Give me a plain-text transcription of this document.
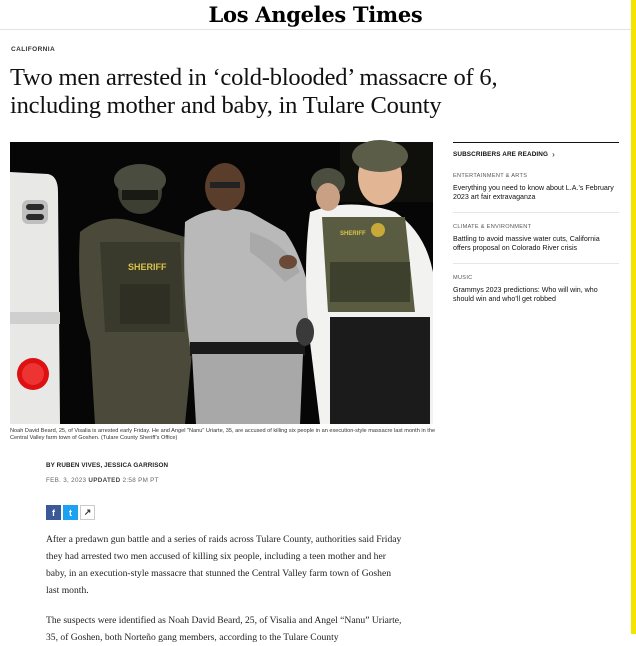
Los Angeles Times
CALIFORNIA
Two men arrested in ‘cold-blooded’ massacre of 6, including mother and baby, in Tulare County
SHERIFF
SHERIFF

Noah David Beard, 25, of Visalia is arrested early Friday. He and Angel "Nanu" Uriarte, 35, are accused of killing six people in an execution-style massacre last month in the Central Valley farm town of Goshen. (Tulare County Sheriff’s Office)

BY RUBEN VIVES, JESSICA GARRISON

FEB. 3, 2023 UPDATED 2:58 PM PT

f	t	↗

After a predawn gun battle and a series of raids across Tulare County, authorities said Friday they had arrested two men accused of killing six people, including a teen mother and her baby, in an execution-style massacre that stunned the Central Valley farm town of Goshen last month.

The suspects were identified as Noah David Beard, 25, of Visalia and Angel “Nanu” Uriarte, 35, of Goshen, both Norteño gang members, according to the Tulare County

SUBSCRIBERS ARE READING ›
ENTERTAINMENT & ARTS
Everything you need to know about L.A.’s February 2023 art fair extravaganza
CLIMATE & ENVIRONMENT
Battling to avoid massive water cuts, California offers proposal on Colorado River crisis
MUSIC
Grammys 2023 predictions: Who will win, who should win and who’ll get robbed
